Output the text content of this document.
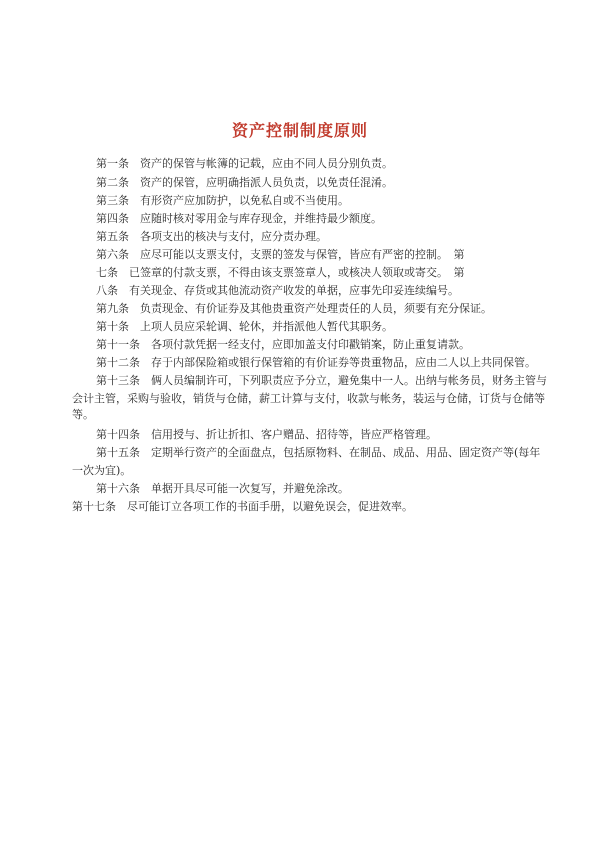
资产控制制度原则

第一条　资产的保管与帐簿的记载，应由不同人员分别负责。

第二条　资产的保管，应明确指派人员负责，以免责任混淆。

第三条　有形资产应加防护，以免私自或不当使用。

第四条　应随时核对零用金与库存现金，并维持最少额度。

第五条　各项支出的核决与支付，应分责办理。

第六条　应尽可能以支票支付，支票的签发与保管，皆应有严密的控制。　第

七条　已签章的付款支票，不得由该支票签章人，或核决人领取或寄交。　第

八条　有关现金、存货或其他流动资产收发的单据，应事先印妥连续编号。

第九条　负责现金、有价证券及其他贵重资产处理责任的人员，须要有充分保证。

第十条　上项人员应采轮调、轮休，并指派他人暂代其职务。

第十一条　各项付款凭据一经支付，应即加盖支付印戳销案，防止重复请款。

第十二条　存于内部保险箱或银行保管箱的有价证券等贵重物品，应由二人以上共同保管。

第十三条　俩人员编制许可，下列职责应予分立，避免集中一人。出纳与帐务员，财务主管与

会计主管，采购与验收，销货与仓储，薪工计算与支付，收款与帐务，装运与仓储，订货与仓储等

等。

第十四条　信用授与、折让折扣、客户赠品、招待等，皆应严格管理。

第十五条　定期举行资产的全面盘点，包括原物料、在制品、成品、用品、固定资产等(每年

一次为宜)。

第十六条　单据开具尽可能一次复写，并避免涂改。

第十七条　尽可能订立各项工作的书面手册，以避免误会，促进效率。
